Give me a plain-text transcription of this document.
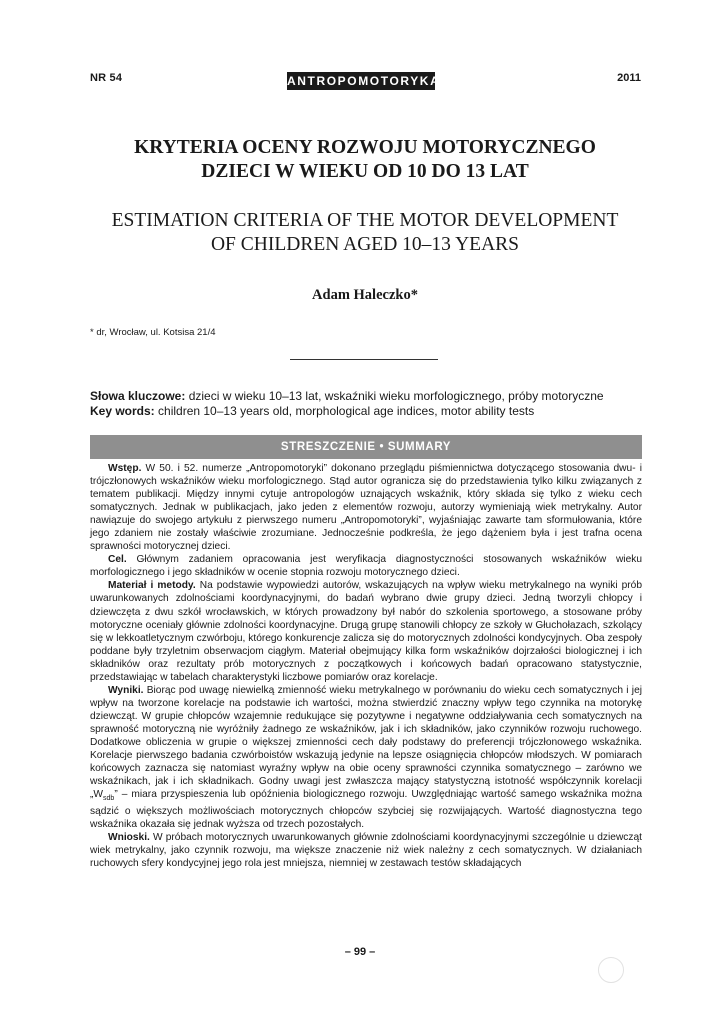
NR 54	ANTROPOMOTORYKA	2011
KRYTERIA OCENY ROZWOJU MOTORYCZNEGO
DZIECI W WIEKU OD 10 DO 13 LAT
ESTIMATION CRITERIA OF THE MOTOR DEVELOPMENT
OF CHILDREN AGED 10–13 YEARS
Adam Haleczko*
* dr, Wrocław, ul. Kotsisa 21/4
Słowa kluczowe: dzieci w wieku 10–13 lat, wskaźniki wieku morfologicznego, próby motoryczne
Key words: children 10–13 years old, morphological age indices, motor ability tests
STRESZCZENIE • SUMMARY

Wstęp. W 50. i 52. numerze „Antropomotoryki” dokonano przeglądu piśmiennictwa dotyczącego stosowania dwu- i trójczłonowych wskaźników wieku morfologicznego. Stąd autor ogranicza się do przedstawienia tylko kilku związanych z tematem publikacji. Między innymi cytuje antropologów uznających wskaźnik, który składa się tylko z wieku cech somatycznych. Jednak w publikacjach, jako jeden z elementów rozwoju, autorzy wymieniają wiek metrykalny. Autor nawiązuje do swojego artykułu z pierwszego numeru „Antropomotoryki”, wyjaśniając zawarte tam sformułowania, które jego zdaniem nie zostały właściwie zrozumiane. Jednocześnie podkreśla, że jego dążeniem była i jest trafna ocena sprawności motorycznej dzieci.

Cel. Głównym zadaniem opracowania jest weryfikacja diagnostyczności stosowanych wskaźników wieku morfologicznego i jego składników w ocenie stopnia rozwoju motorycznego dzieci.

Materiał i metody. Na podstawie wypowiedzi autorów, wskazujących na wpływ wieku metrykalnego na wyniki prób uwarunkowanych zdolnościami koordynacyjnymi, do badań wybrano dwie grupy dzieci. Jedną tworzyli chłopcy i dziewczęta z dwu szkół wrocławskich, w których prowadzony był nabór do szkolenia sportowego, a stosowane próby motoryczne oceniały głównie zdolności koordynacyjne. Drugą grupę stanowili chłopcy ze szkoły w Głuchołazach, szkolący się w lekkoatletycznym czwórboju, którego konkurencje zalicza się do motorycznych zdolności kondycyjnych. Oba zespoły poddane były trzyletnim obserwacjom ciągłym. Materiał obejmujący kilka form wskaźników dojrzałości biologicznej i ich składników oraz rezultaty prób motorycznych z początkowych i końcowych badań opracowano statystycznie, przedstawiając w tabelach charakterystyki liczbowe pomiarów oraz korelacje.

Wyniki. Biorąc pod uwagę niewielką zmienność wieku metrykalnego w porównaniu do wieku cech somatycznych i jej wpływ na tworzone korelacje na podstawie ich wartości, można stwierdzić znaczny wpływ tego czynnika na motorykę dziewcząt. W grupie chłopców wzajemnie redukujące się pozytywne i negatywne oddziaływania cech somatycznych na sprawność motoryczną nie wyróżniły żadnego ze wskaźników, jak i ich składników, jako czynników rozwoju ruchowego. Dodatkowe obliczenia w grupie o większej zmienności cech dały podstawy do preferencji trójczłonowego wskaźnika. Korelacje pierwszego badania czwórboistów wskazują jedynie na lepsze osiągnięcia chłopców młodszych. W pomiarach końcowych zaznacza się natomiast wyraźny wpływ na obie oceny sprawności czynnika somatycznego – zarówno we wskaźnikach, jak i ich składnikach. Godny uwagi jest zwłaszcza mający statystyczną istotność współczynnik korelacji $„W_{sdb}$” – miara przyspieszenia lub opóźnienia biologicznego rozwoju. Uwzględniając wartość samego wskaźnika można sądzić o większych możliwościach motorycznych chłopców szybciej się rozwijających. Wartość diagnostyczna tego wskaźnika okazała się jednak wyższa od trzech pozostałych.

Wnioski. W próbach motorycznych uwarunkowanych głównie zdolnościami koordynacyjnymi szczególnie u dziewcząt wiek metrykalny, jako czynnik rozwoju, ma większe znaczenie niż wiek należny z cech somatycznych. W działaniach ruchowych sfery kondycyjnej jego rola jest mniejsza, niemniej w zestawach testów składających

– 99 –
